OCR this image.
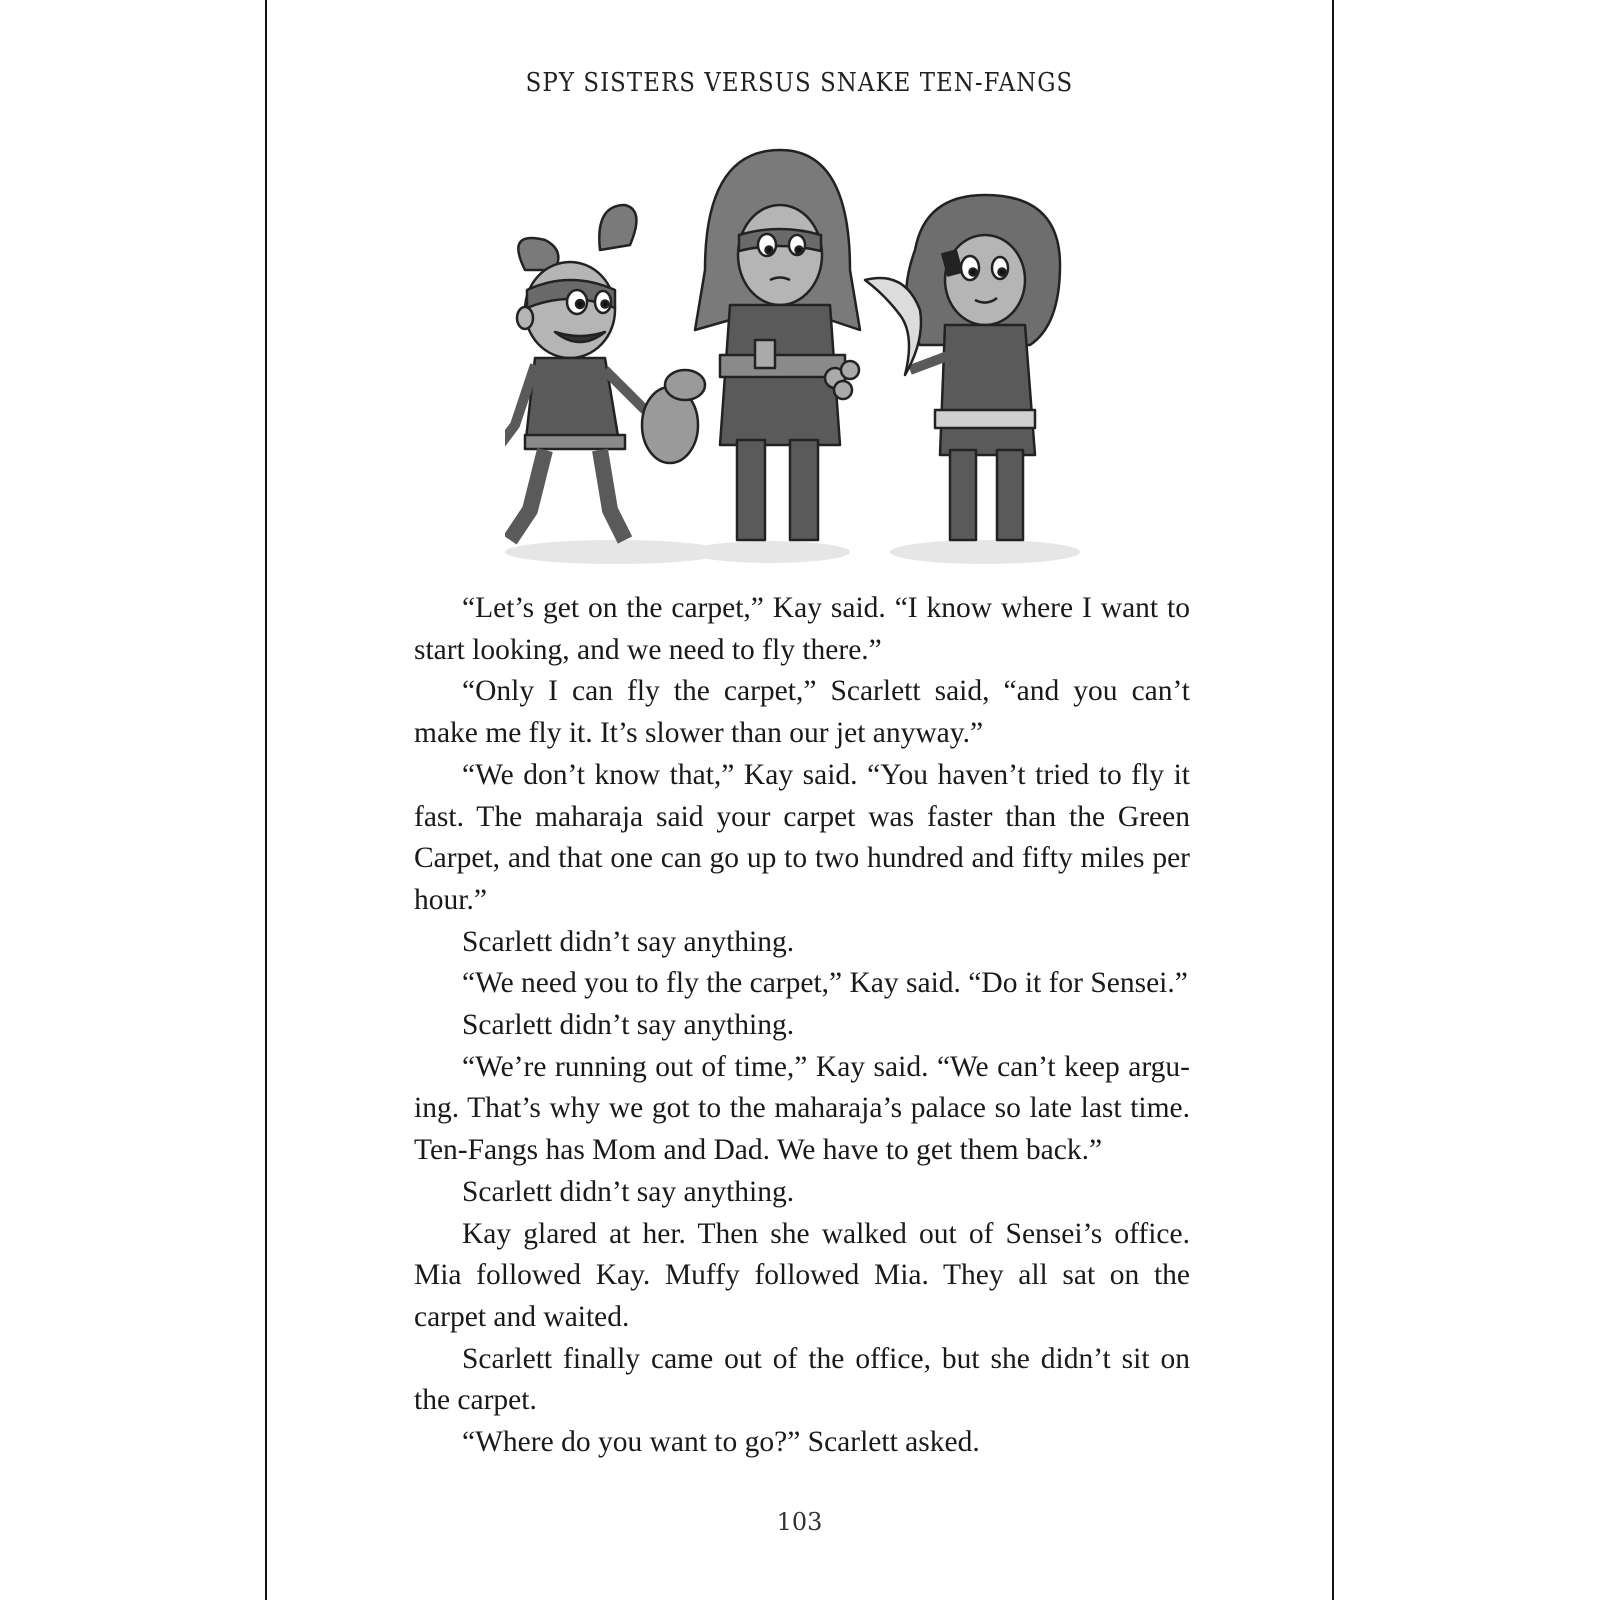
SPY SISTERS VERSUS SNAKE TEN-FANGS

“Let’s get on the carpet,” Kay said. “I know where I want to start looking, and we need to fly there.”

“Only I can fly the carpet,” Scarlett said, “and you can’t make me fly it. It’s slower than our jet anyway.”

“We don’t know that,” Kay said. “You haven’t tried to fly it fast. The maharaja said your carpet was faster than the Green Carpet, and that one can go up to two hundred and fifty miles per hour.”

Scarlett didn’t say anything.

“We need you to fly the carpet,” Kay said. “Do it for Sensei.”

Scarlett didn’t say anything.

“We’re running out of time,” Kay said. “We can’t keep arguing. That’s why we got to the maharaja’s palace so late last time. Ten-Fangs has Mom and Dad. We have to get them back.”

Scarlett didn’t say anything.

Kay glared at her. Then she walked out of Sensei’s office. Mia followed Kay. Muffy followed Mia. They all sat on the carpet and waited.

Scarlett finally came out of the office, but she didn’t sit on the carpet.

“Where do you want to go?” Scarlett asked.

103
